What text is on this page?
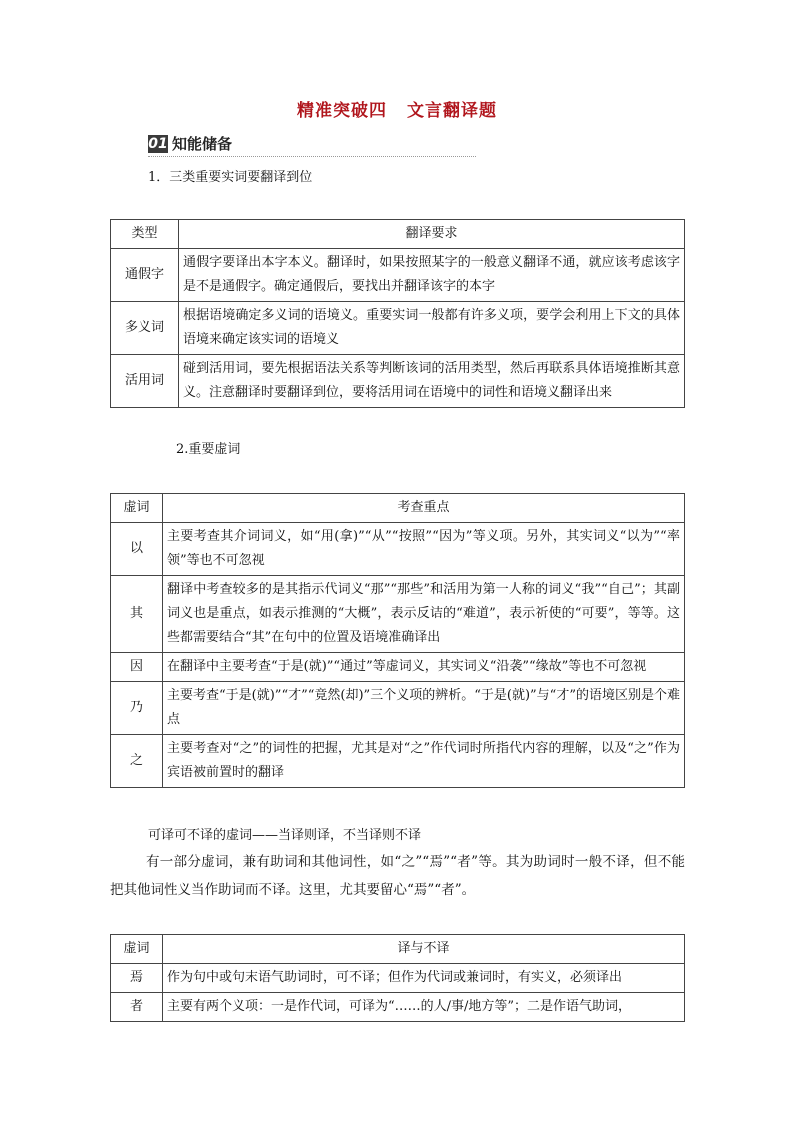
精准突破四 文言翻译题
01 知能储备
1．三类重要实词要翻译到位
类型	翻译要求
通假字	通假字要译出本字本义。翻译时，如果按照某字的一般意义翻译不通，就应该考虑该字是不是通假字。确定通假后，要找出并翻译该字的本字
多义词	根据语境确定多义词的语境义。重要实词一般都有许多义项，要学会利用上下文的具体语境来确定该实词的语境义
活用词	碰到活用词，要先根据语法关系等判断该词的活用类型，然后再联系具体语境推断其意义。注意翻译时要翻译到位，要将活用词在语境中的词性和语境义翻译出来
2.重要虚词
虚词	考查重点
以	主要考查其介词词义，如“用(拿)”“从”“按照”“因为”等义项。另外，其实词义“以为”“率领”等也不可忽视
其	翻译中考查较多的是其指示代词义“那”“那些”和活用为第一人称的词义“我”“自己”；其副词义也是重点，如表示推测的“大概”，表示反诘的“难道”，表示祈使的“可要”，等等。这些都需要结合“其”在句中的位置及语境准确译出
因	在翻译中主要考查“于是(就)”“通过”等虚词义，其实词义“沿袭”“缘故”等也不可忽视
乃	主要考查“于是(就)”“才”“竟然(却)”三个义项的辨析。“于是(就)”与“才”的语境区别是个难点
之	主要考查对“之”的词性的把握，尤其是对“之”作代词时所指代内容的理解，以及“之”作为宾语被前置时的翻译
可译可不译的虚词——当译则译，不当译则不译
有一部分虚词，兼有助词和其他词性，如“之”“焉”“者”等。其为助词时一般不译，但不能把其他词性义当作助词而不译。这里，尤其要留心“焉”“者”。
虚词	译与不译
焉	作为句中或句末语气助词时，可不译；但作为代词或兼词时，有实义，必须译出
者	主要有两个义项：一是作代词，可译为“……的人/事/地方等”；二是作语气助词，
